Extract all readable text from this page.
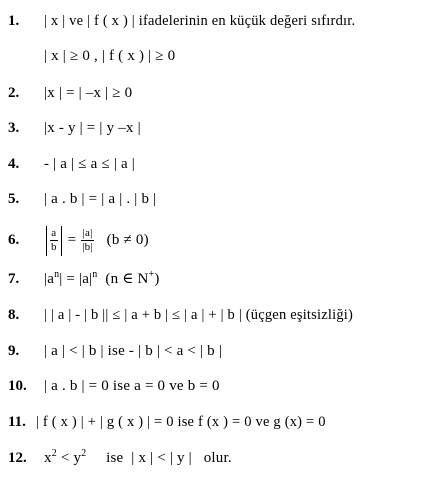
1. | x | ve | f ( x ) | ifadelerinin en küçük değeri sıfırdır.
| x | ≥ 0 , | f ( x ) | ≥ 0
2. |x | = | –x | ≥ 0
3. |x - y | = | y –x |
4. - | a | ≤ a ≤ | a |
5. | a . b | = | a | . | b |
6.	$\frac{a}{b} = \frac{|a|}{|b|} (b \ne 0)$
7. $|a^n| = |a|^n$ (n ∈ N+)
8. | | a | - | b || ≤ | a + b | ≤ | a | + | b | (üçgen eşitsizliği)
9. | a | < | b | ise - | b | < a < | b |
10. | a . b | = 0 ise a = 0 ve b = 0
11. | f ( x ) | + | g ( x ) | = 0 ise f (x ) = 0 ve g (x) = 0
12. $x^2 < y^2$     ise  | x | < | y |   olur.
